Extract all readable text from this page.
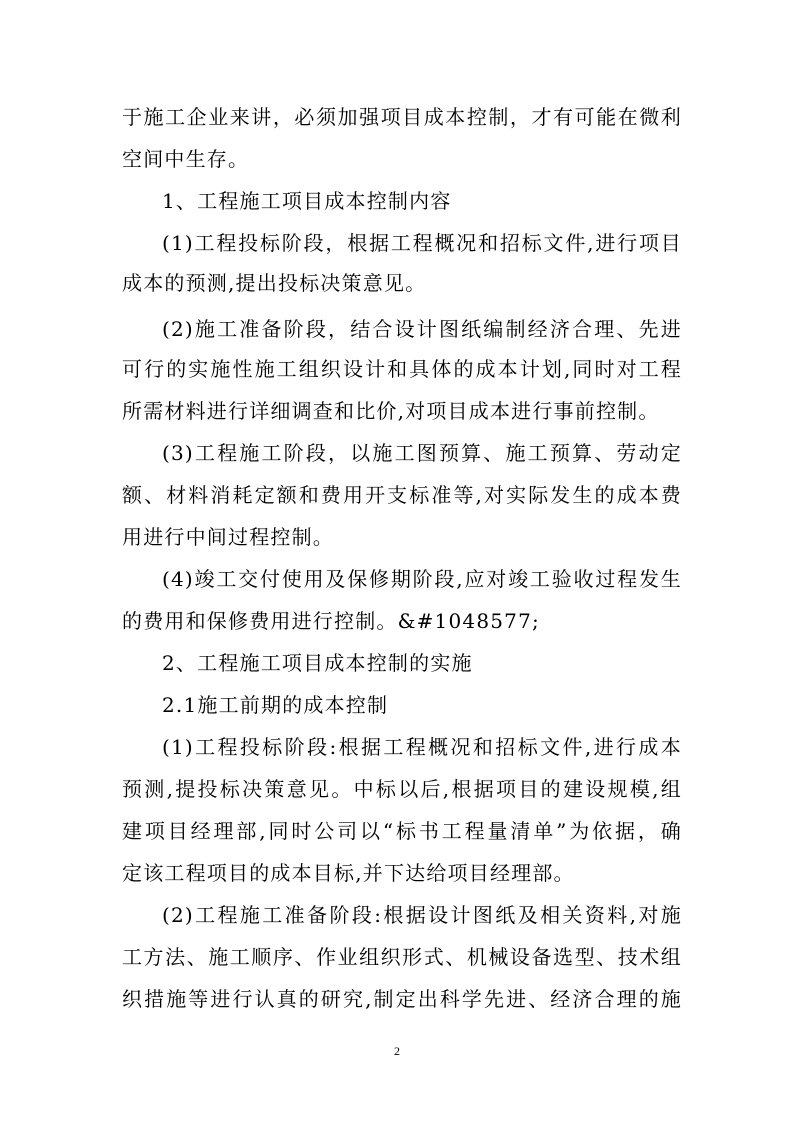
于施工企业来讲，必须加强项目成本控制，才有可能在微利
空间中生存。
1、工程施工项目成本控制内容
(1)工程投标阶段，根据工程概况和招标文件,进行项目
成本的预测,提出投标决策意见。
(2)施工准备阶段，结合设计图纸编制经济合理、先进
可行的实施性施工组织设计和具体的成本计划,同时对工程
所需材料进行详细调查和比价,对项目成本进行事前控制。
(3)工程施工阶段，以施工图预算、施工预算、劳动定
额、材料消耗定额和费用开支标准等,对实际发生的成本费
用进行中间过程控制。
(4)竣工交付使用及保修期阶段,应对竣工验收过程发生
的费用和保修费用进行控制。&#1048577;
2、工程施工项目成本控制的实施
2.1施工前期的成本控制
(1)工程投标阶段:根据工程概况和招标文件,进行成本
预测,提投标决策意见。中标以后,根据项目的建设规模,组
建项目经理部,同时公司以“标书工程量清单”为依据，确
定该工程项目的成本目标,并下达给项目经理部。
(2)工程施工准备阶段:根据设计图纸及相关资料,对施
工方法、施工顺序、作业组织形式、机械设备选型、技术组
织措施等进行认真的研究,制定出科学先进、经济合理的施
2
